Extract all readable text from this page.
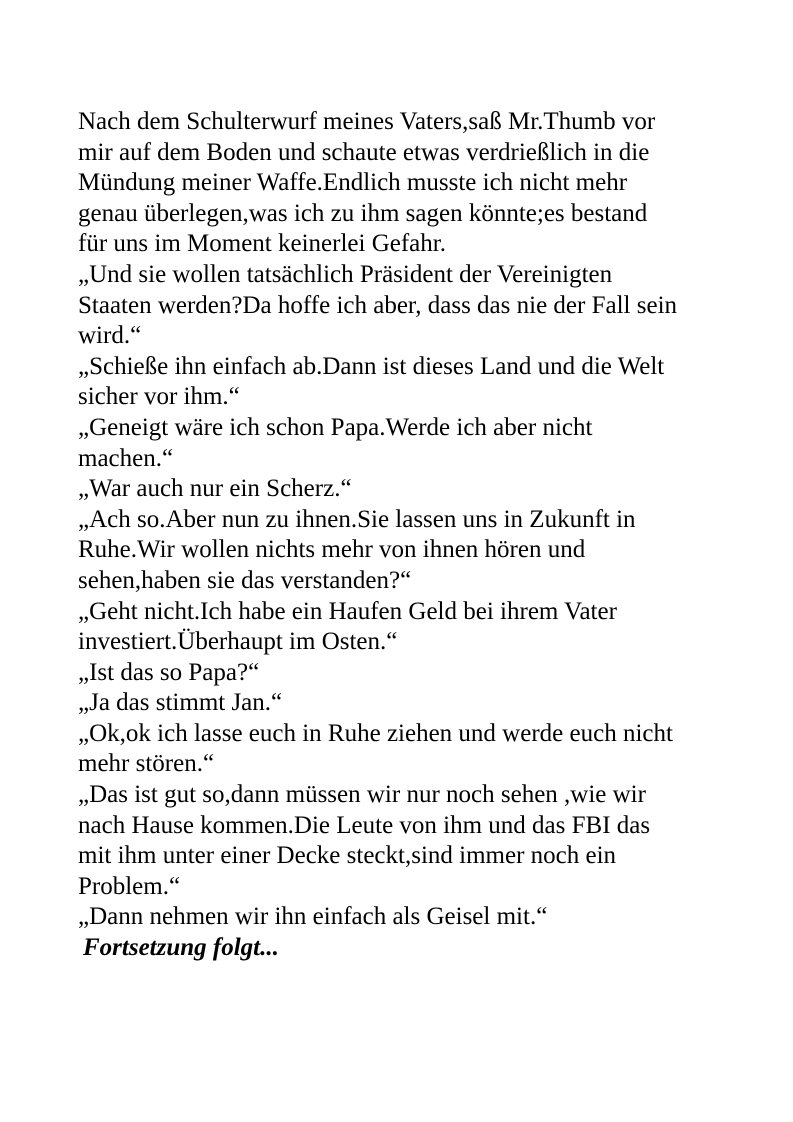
Nach dem Schulterwurf meines Vaters,saß Mr.Thumb vor
mir auf dem Boden und schaute etwas verdrießlich in die
Mündung meiner Waffe.Endlich musste ich nicht mehr
genau überlegen,was ich zu ihm sagen könnte;es bestand
für uns im Moment keinerlei Gefahr.

„Und sie wollen tatsächlich Präsident der Vereinigten
Staaten werden?Da hoffe ich aber, dass das nie der Fall sein
wird.“

„Schieße ihn einfach ab.Dann ist dieses Land und die Welt
sicher vor ihm.“

„Geneigt wäre ich schon Papa.Werde ich aber nicht
machen.“

„War auch nur ein Scherz.“

„Ach so.Aber nun zu ihnen.Sie lassen uns in Zukunft in
Ruhe.Wir wollen nichts mehr von ihnen hören und
sehen,haben sie das verstanden?“

„Geht nicht.Ich habe ein Haufen Geld bei ihrem Vater
investiert.Überhaupt im Osten.“

„Ist das so Papa?“

„Ja das stimmt Jan.“

„Ok,ok ich lasse euch in Ruhe ziehen und werde euch nicht
mehr stören.“

„Das ist gut so,dann müssen wir nur noch sehen ,wie wir
nach Hause kommen.Die Leute von ihm und das FBI das
mit ihm unter einer Decke steckt,sind immer noch ein
Problem.“

„Dann nehmen wir ihn einfach als Geisel mit.“

Fortsetzung folgt...
